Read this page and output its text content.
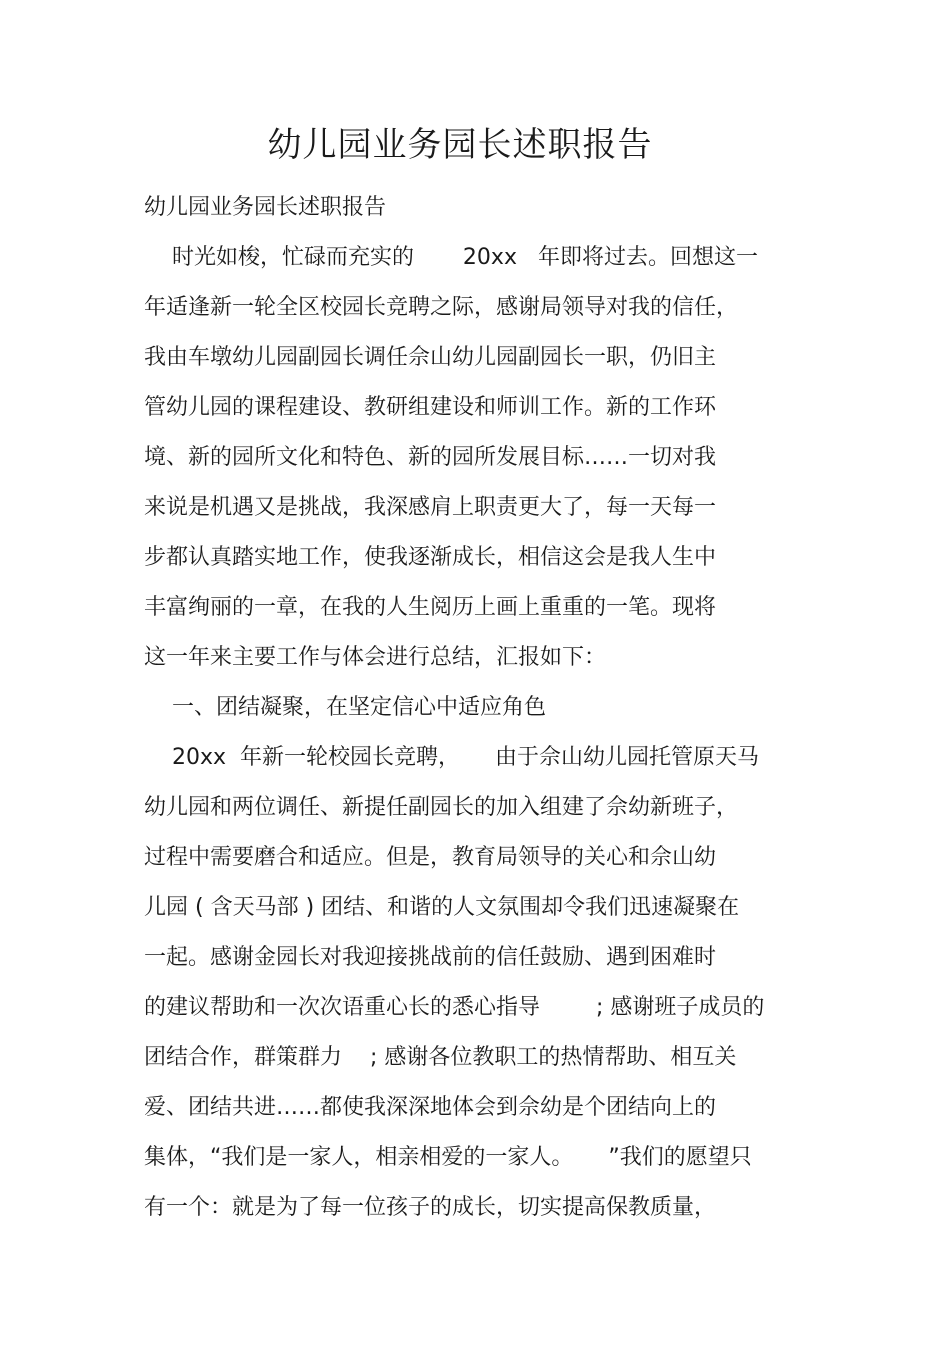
幼儿园业务园长述职报告
幼儿园业务园长述职报告
时光如梭，忙碌而充实的       20xx   年即将过去。回想这一
年适逢新一轮全区校园长竞聘之际，感谢局领导对我的信任，
我由车墩幼儿园副园长调任佘山幼儿园副园长一职，仍旧主
管幼儿园的课程建设、教研组建设和师训工作。新的工作环
境、新的园所文化和特色、新的园所发展目标……一切对我
来说是机遇又是挑战，我深感肩上职责更大了，每一天每一
步都认真踏实地工作，使我逐渐成长，相信这会是我人生中
丰富绚丽的一章，在我的人生阅历上画上重重的一笔。现将
这一年来主要工作与体会进行总结，汇报如下：
一、团结凝聚，在坚定信心中适应角色
20xx  年新一轮校园长竞聘，     由于佘山幼儿园托管原天马
幼儿园和两位调任、新提任副园长的加入组建了佘幼新班子，
过程中需要磨合和适应。但是，教育局领导的关心和佘山幼
儿园 ( 含天马部 ) 团结、和谐的人文氛围却令我们迅速凝聚在
一起。感谢金园长对我迎接挑战前的信任鼓励、遇到困难时
的建议帮助和一次次语重心长的悉心指导        ; 感谢班子成员的
团结合作，群策群力    ; 感谢各位教职工的热情帮助、相互关
爱、团结共进……都使我深深地体会到佘幼是个团结向上的
集体，“我们是一家人，相亲相爱的一家人。     ”我们的愿望只
有一个：就是为了每一位孩子的成长，切实提高保教质量，
